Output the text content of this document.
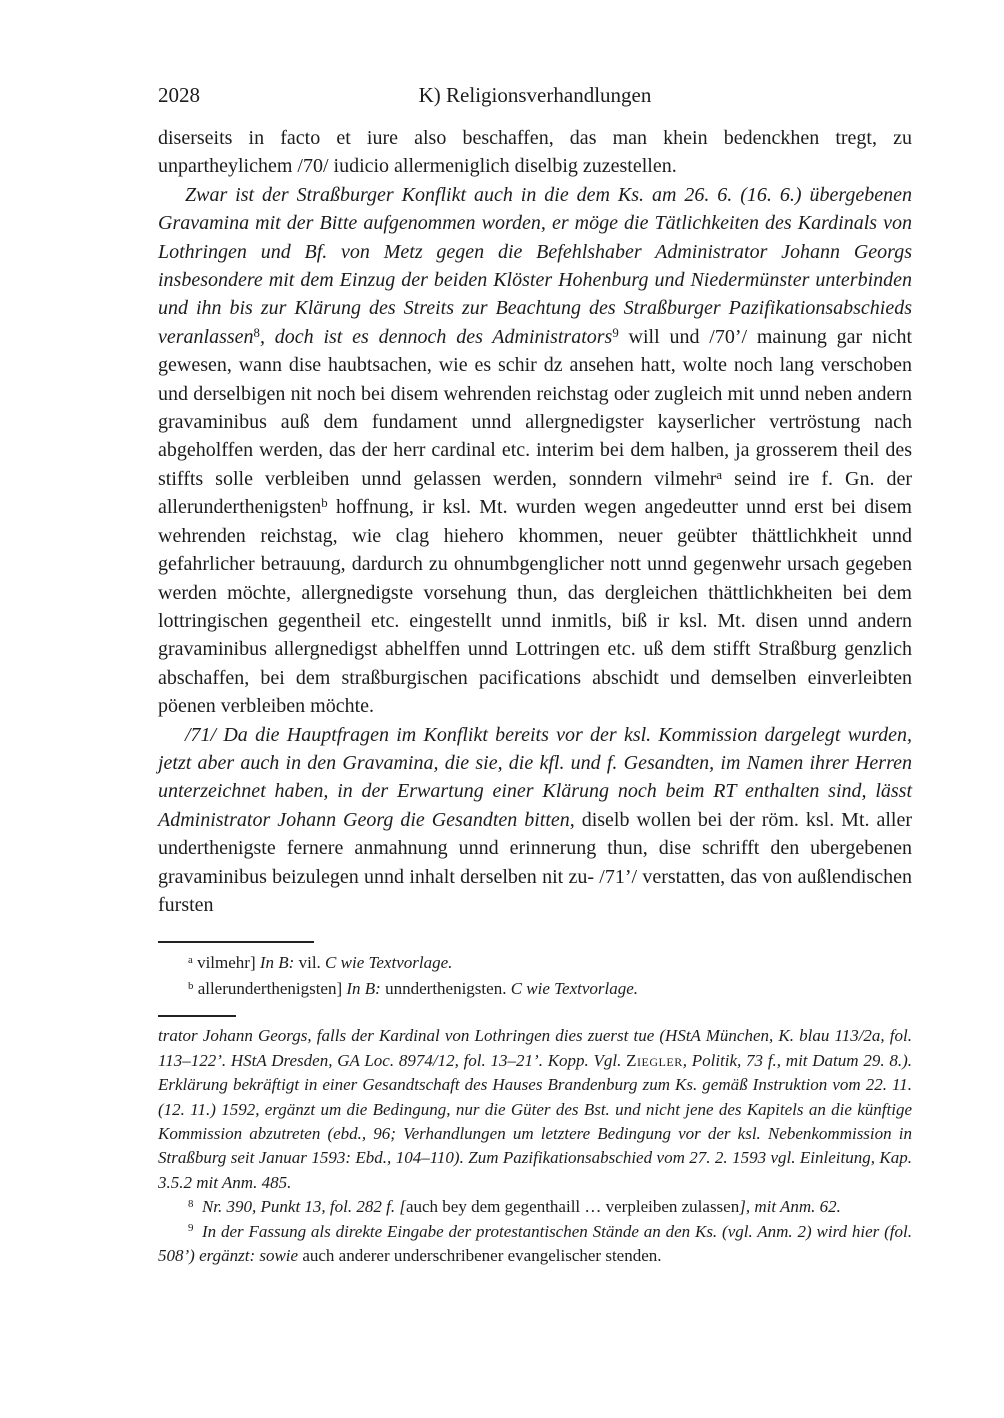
2028	K) Religionsverhandlungen

diserseits in facto et iure also beschaffen, das man khein bedenckhen tregt, zu unpartheylichem /70/ iudicio allermeniglich diselbig zuzestellen.

Zwar ist der Straßburger Konflikt auch in die dem Ks. am 26. 6. (16. 6.) übergebenen Gravamina mit der Bitte aufgenommen worden, er möge die Tätlichkeiten des Kardinals von Lothringen und Bf. von Metz gegen die Befehlshaber Administrator Johann Georgs insbesondere mit dem Einzug der beiden Klöster Hohenburg und Niedermünster unterbinden und ihn bis zur Klärung des Streits zur Beachtung des Straßburger Pazifikationsabschieds veranlassen$^8$, doch ist es dennoch des Administrators$^9$ will und /70’/ mainung gar nicht gewesen, wann dise haubtsachen, wie es schir dz ansehen hatt, wolte noch lang verschoben und derselbigen nit noch bei disem wehrenden reichstag oder zugleich mit unnd neben andern gravaminibus auß dem fundament unnd allergnedigster kayserlicher vertröstung nach abgeholffen werden, das der herr cardinal etc. interim bei dem halben, ja grosserem theil des stiffts solle verbleiben unnd gelassen werden, sonndern vilmehr$^a$ seind ire f. Gn. der allerunderthenigsten$^b$ hoffnung, ir ksl. Mt. wurden wegen angedeutter unnd erst bei disem wehrenden reichstag, wie clag hiehero khommen, neuer geübter thättlichkheit unnd gefahrlicher betrauung, dardurch zu ohnumbgenglicher nott unnd gegenwehr ursach gegeben werden möchte, allergnedigste vorsehung thun, das dergleichen thättlichkheiten bei dem lottringischen gegentheil etc. eingestellt unnd inmitls, biß ir ksl. Mt. disen unnd andern gravaminibus allergnedigst abhelffen unnd Lottringen etc. uß dem stifft Straßburg genzlich abschaffen, bei dem straßburgischen pacifications abschidt und demselben einverleibten pöenen verbleiben möchte.

/71/ Da die Hauptfragen im Konflikt bereits vor der ksl. Kommission dargelegt wurden, jetzt aber auch in den Gravamina, die sie, die kfl. und f. Gesandten, im Namen ihrer Herren unterzeichnet haben, in der Erwartung einer Klärung noch beim RT enthalten sind, lässt Administrator Johann Georg die Gesandten bitten, diselb wollen bei der röm. ksl. Mt. aller underthenigste fernere anmahnung unnd erinnerung thun, dise schrifft den ubergebenen gravaminibus beizulegen unnd inhalt derselben nit zu- /71’/ verstatten, das von außlendischen fursten

$^a$ vilmehr] In B: vil. C wie Textvorlage.

$^b$ allerunderthenigsten] In B: unnderthenigsten. C wie Textvorlage.

trator Johann Georgs, falls der Kardinal von Lothringen dies zuerst tue (HStA München, K. blau 113/2a, fol. 113–122’. HStA Dresden, GA Loc. 8974/12, fol. 13–21’. Kopp. Vgl. Ziegler, Politik, 73 f., mit Datum 29. 8.). Erklärung bekräftigt in einer Gesandtschaft des Hauses Brandenburg zum Ks. gemäß Instruktion vom 22. 11. (12. 11.) 1592, ergänzt um die Bedingung, nur die Güter des Bst. und nicht jene des Kapitels an die künftige Kommission abzutreten (ebd., 96; Verhandlungen um letztere Bedingung vor der ksl. Nebenkommission in Straßburg seit Januar 1593: Ebd., 104–110). Zum Pazifikationsabschied vom 27. 2. 1593 vgl. Einleitung, Kap. 3.5.2 mit Anm. 485.

$^8$  Nr. 390, Punkt 13, fol. 282 f. [auch bey dem gegenthaill … verpleiben zulassen], mit Anm. 62.

$^9$  In der Fassung als direkte Eingabe der protestantischen Stände an den Ks. (vgl. Anm. 2) wird hier (fol. 508’) ergänzt: sowie auch anderer underschribener evangelischer stenden.
